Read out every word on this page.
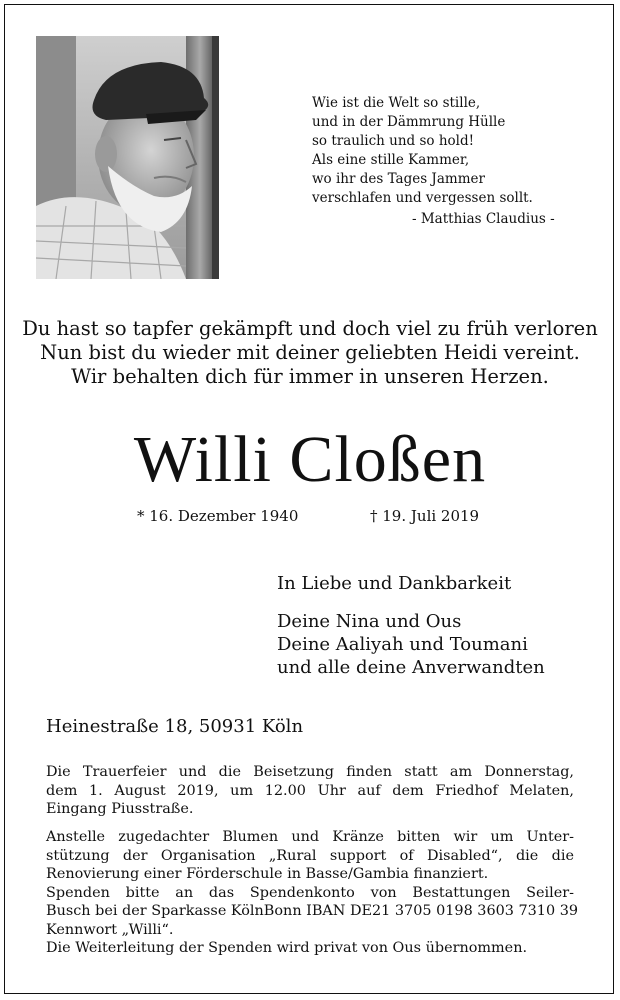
Wie ist die Welt so stille,
und in der Dämmrung Hülle
so traulich und so hold!
Als eine stille Kammer,
wo ihr des Tages Jammer
verschlafen und vergessen sollt.
- Matthias Claudius -
Du hast so tapfer gekämpft und doch viel zu früh verloren
Nun bist du wieder mit deiner geliebten Heidi vereint.
Wir behalten dich für immer in unseren Herzen.
Willi Cloßen
* 16. Dezember 1940	† 19. Juli 2019
In Liebe und Dankbarkeit
Deine Nina und Ous
Deine Aaliyah und Toumani
und alle deine Anverwandten
Heinestraße 18, 50931 Köln
Die Trauerfeier und die Beisetzung finden statt am Donnerstag,
dem 1. August 2019, um 12.00 Uhr auf dem Friedhof Melaten,
Eingang Piusstraße.
Anstelle zugedachter Blumen und Kränze bitten wir um Unter-
stützung der Organisation „Rural support of Disabled“, die die
Renovierung einer Förderschule in Basse/Gambia finanziert.
Spenden bitte an das Spendenkonto von Bestattungen Seiler-
Busch bei der Sparkasse KölnBonn IBAN DE21 3705 0198 3603 7310 39
Kennwort „Willi“.
Die Weiterleitung der Spenden wird privat von Ous übernommen.
